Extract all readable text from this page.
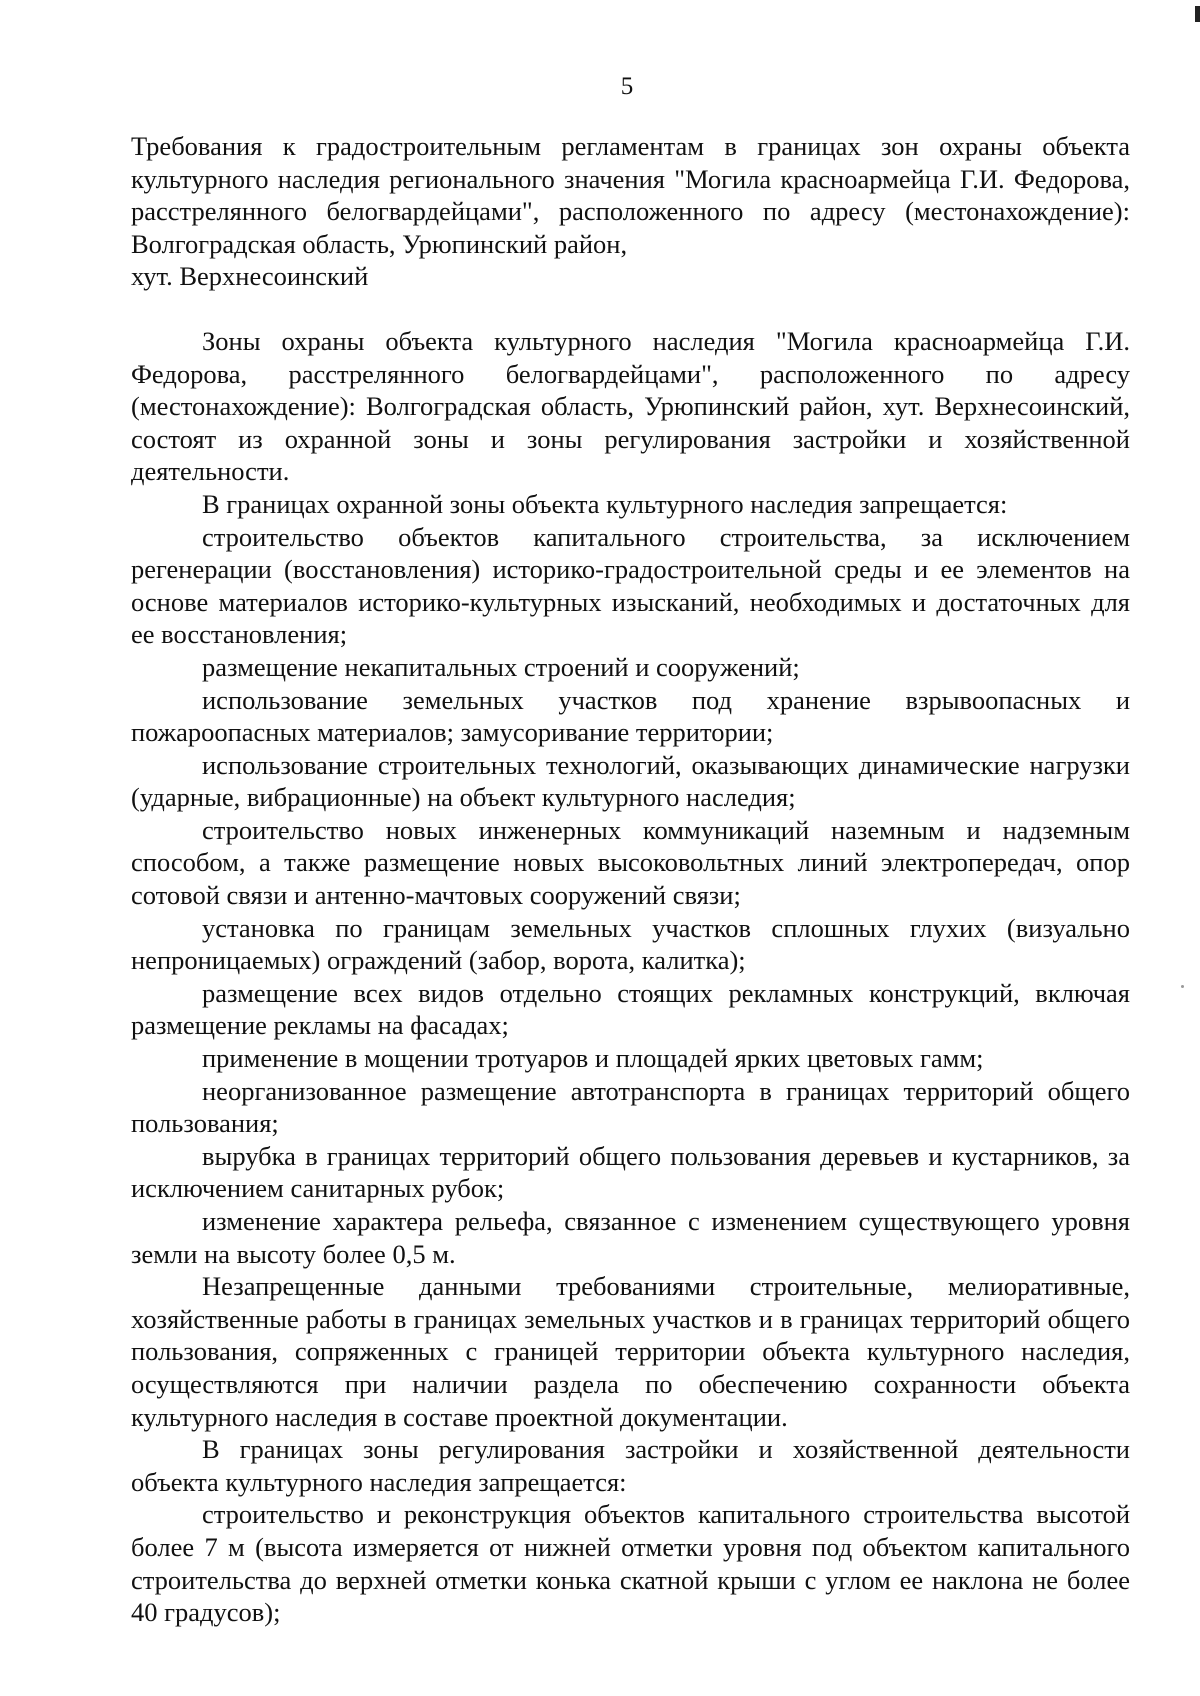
5

Требования к градостроительным регламентам в границах зон охраны объекта культурного наследия регионального значения "Могила красноармейца Г.И. Федорова, расстрелянного белогвардейцами", расположенного по адресу (местонахождение): Волгоградская область, Урюпинский район,

хут. Верхнесоинский

Зоны охраны объекта культурного наследия "Могила красноармейца Г.И. Федорова, расстрелянного белогвардейцами", расположенного по адресу (местонахождение): Волгоградская область, Урюпинский район, хут. Верхнесоинский, состоят из охранной зоны и зоны регулирования застройки и хозяйственной деятельности.

В границах охранной зоны объекта культурного наследия запрещается:

строительство объектов капитального строительства, за исключением регенерации (восстановления) историко-градостроительной среды и ее элементов на основе материалов историко-культурных изысканий, необходимых и достаточных для ее восстановления;

размещение некапитальных строений и сооружений;

использование земельных участков под хранение взрывоопасных и пожароопасных материалов; замусоривание территории;

использование строительных технологий, оказывающих динамические нагрузки (ударные, вибрационные) на объект культурного наследия;

строительство новых инженерных коммуникаций наземным и надземным способом, а также размещение новых высоковольтных линий электропередач, опор сотовой связи и антенно-мачтовых сооружений связи;

установка по границам земельных участков сплошных глухих (визуально непроницаемых) ограждений (забор, ворота, калитка);

размещение всех видов отдельно стоящих рекламных конструкций, включая размещение рекламы на фасадах;

применение в мощении тротуаров и площадей ярких цветовых гамм;

неорганизованное размещение автотранспорта в границах территорий общего пользования;

вырубка в границах территорий общего пользования деревьев и кустарников, за исключением санитарных рубок;

изменение характера рельефа, связанное с изменением существующего уровня земли на высоту более 0,5 м.

Незапрещенные данными требованиями строительные, мелиоративные, хозяйственные работы в границах земельных участков и в границах территорий общего пользования, сопряженных с границей территории объекта культурного наследия, осуществляются при наличии раздела по обеспечению сохранности объекта культурного наследия в составе проектной документации.

В границах зоны регулирования застройки и хозяйственной деятельности объекта культурного наследия запрещается:

строительство и реконструкция объектов капитального строительства высотой более 7 м (высота измеряется от нижней отметки уровня под объектом капитального строительства до верхней отметки конька скатной крыши с углом ее наклона не более 40 градусов);
